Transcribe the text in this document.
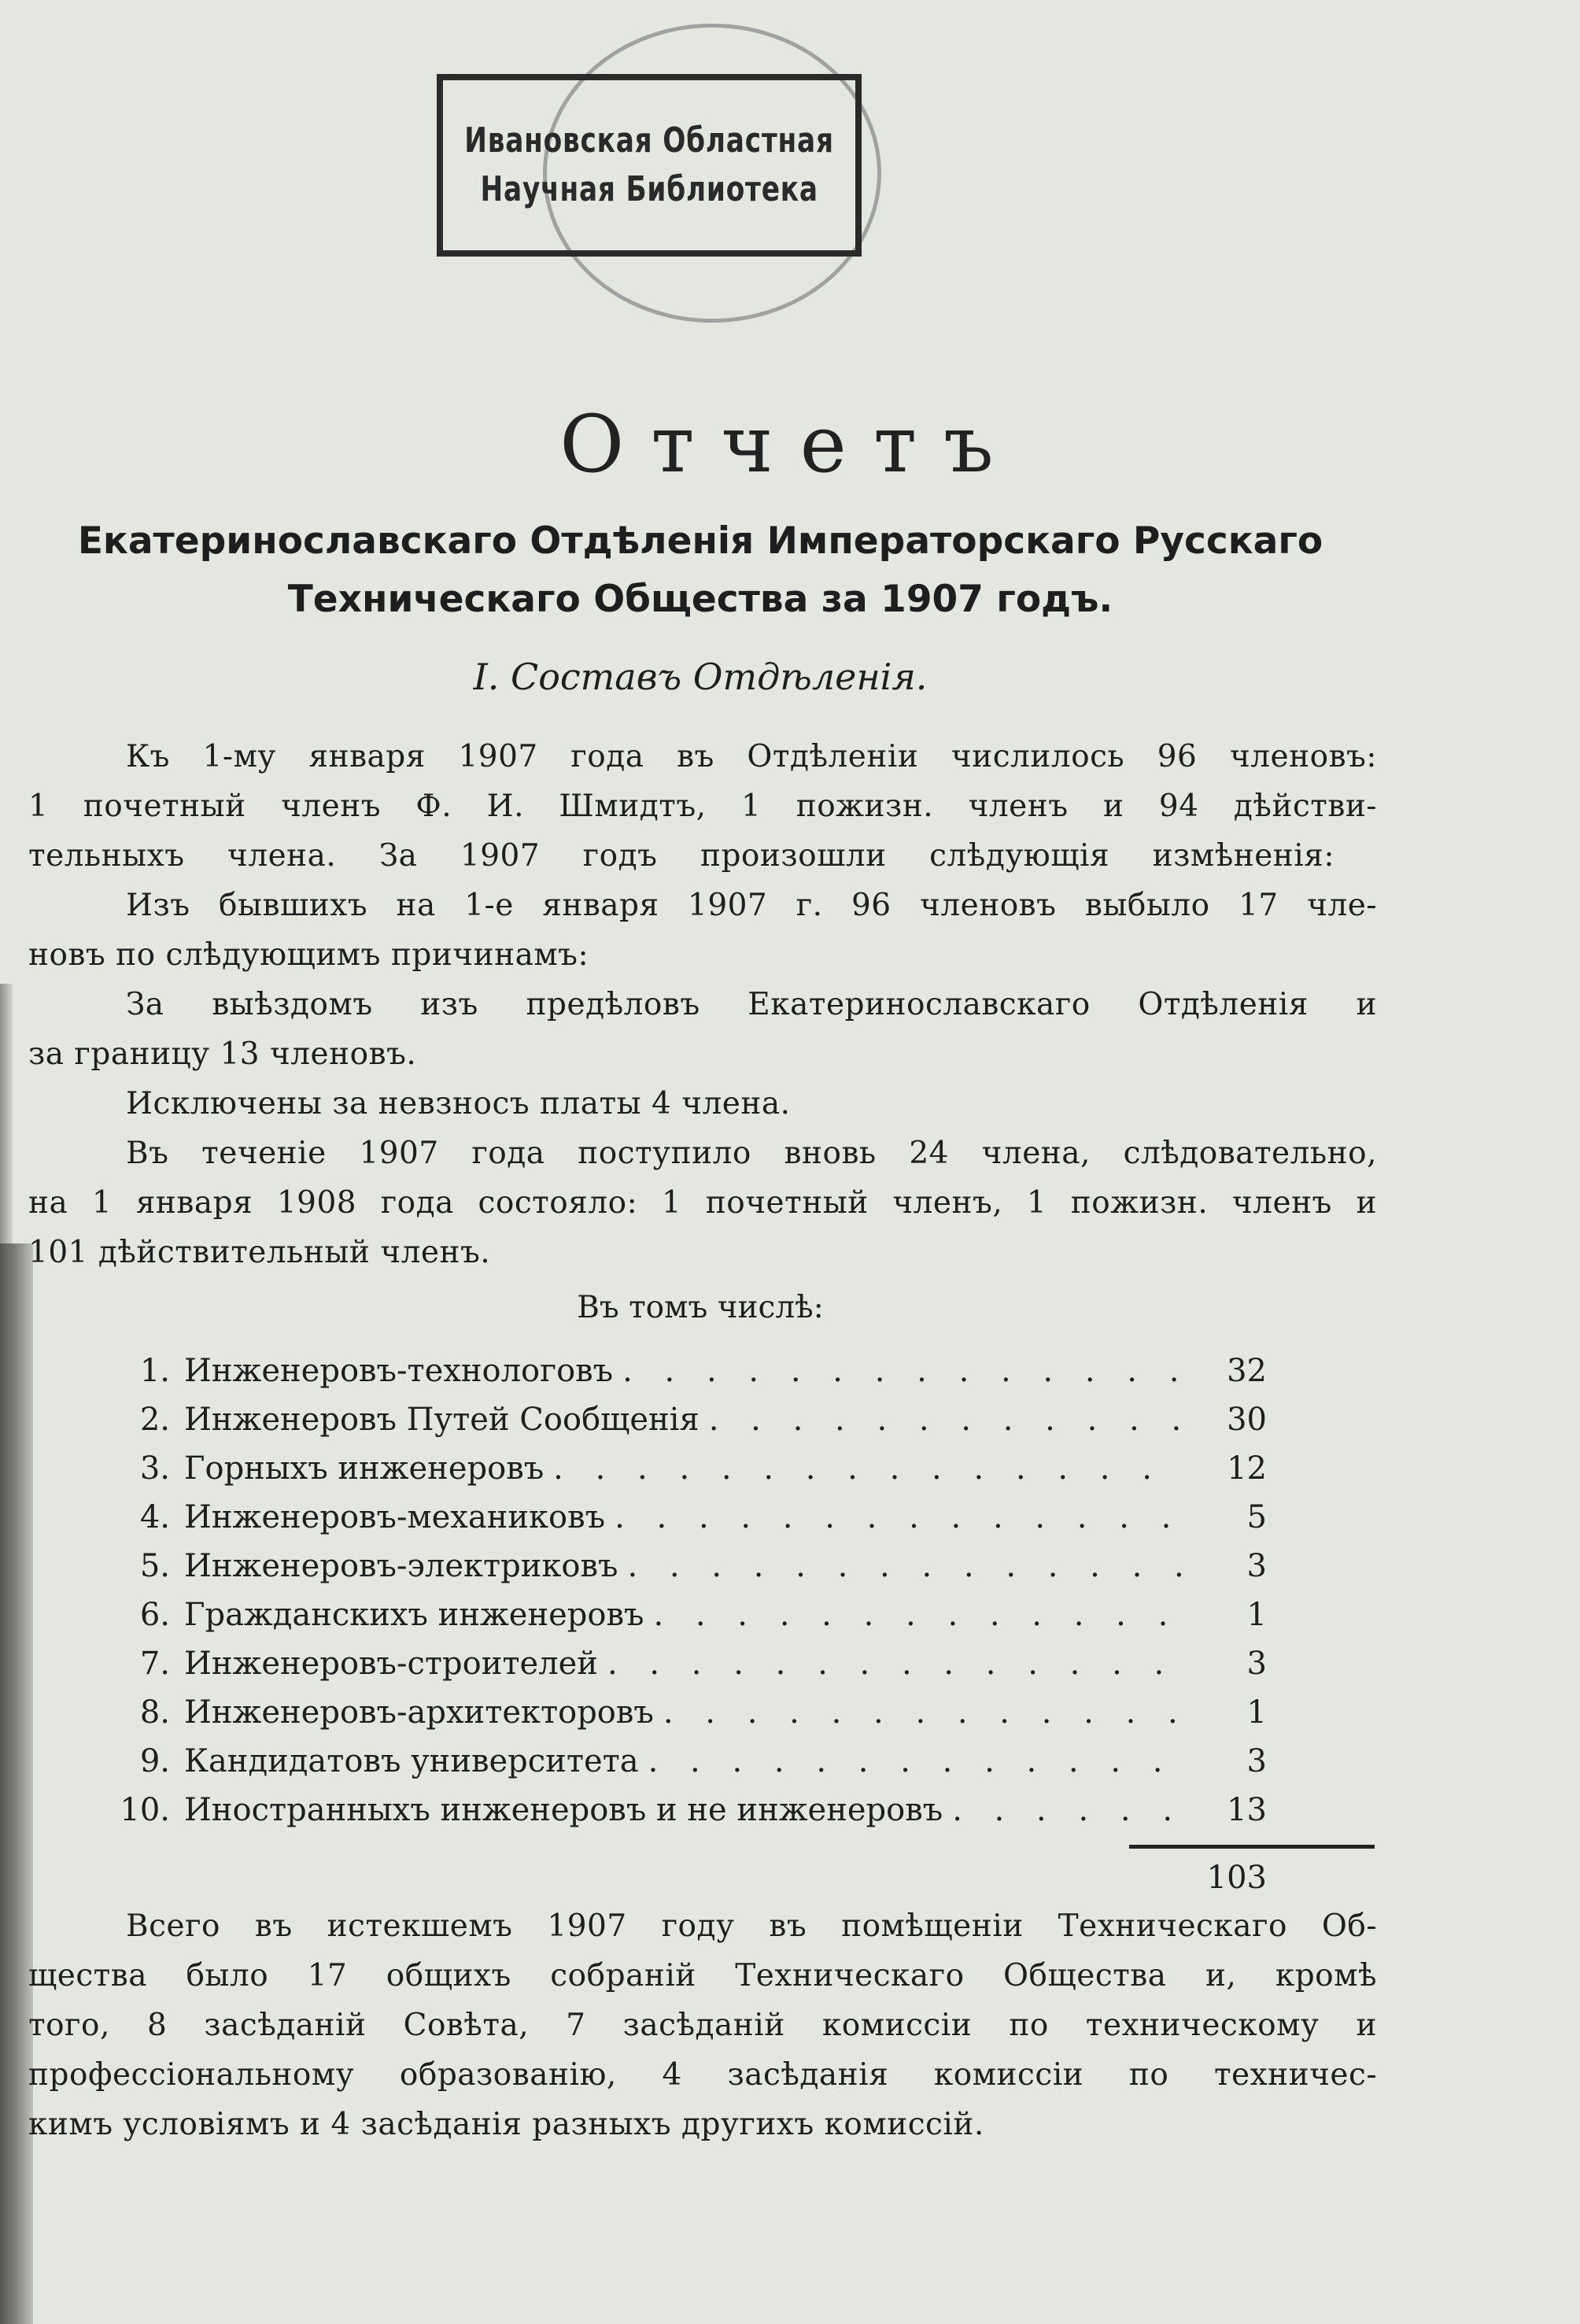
Ивановская Областная
Научная Библиотека
Отчетъ
Екатеринославскаго Отдѣленія Императорскаго Русскаго
Техническаго Общества за 1907 годъ.
I. Составъ Отдѣленія.
Къ 1-му января 1907 года въ Отдѣленіи числилось 96 членовъ:
1 почетный членъ Ф. И. Шмидтъ, 1 пожизн. членъ и 94 дѣйстви-
тельныхъ члена. За 1907 годъ произошли слѣдующія измѣненія:
Изъ бывшихъ на 1-е января 1907 г. 96 членовъ выбыло 17 чле-
новъ по слѣдующимъ причинамъ:
За выѣздомъ изъ предѣловъ Екатеринославскаго Отдѣленія и
за границу 13 членовъ.
Исключены за невзносъ платы 4 члена.
Въ теченіе 1907 года поступило вновь 24 члена, слѣдовательно,
на 1 января 1908 года состояло: 1 почетный членъ, 1 пожизн. членъ и
101 дѣйствительный членъ.
Въ томъ числѣ:
1. Инженеровъ-технологовъ . . .	32
2. Инженеровъ Путей Сообщенія . . .	30
3. Горныхъ инженеровъ . . .	12
4. Инженеровъ-механиковъ . . .	5
5. Инженеровъ-электриковъ . . .	3
6. Гражданскихъ инженеровъ . . .	1
7. Инженеровъ-строителей . . .	3
8. Инженеровъ-архитекторовъ . . .	1
9. Кандидатовъ университета . . .	3
10. Иностранныхъ инженеровъ и не инженеровъ . . .	13
103
Всего въ истекшемъ 1907 году въ помѣщеніи Техническаго Об-
щества было 17 общихъ собраній Техническаго Общества и, кромѣ
того, 8 засѣданій Совѣта, 7 засѣданій комиссіи по техническому и
профессіональному образованію, 4 засѣданія комиссіи по техничес-
кимъ условіямъ и 4 засѣданія разныхъ другихъ комиссій.
